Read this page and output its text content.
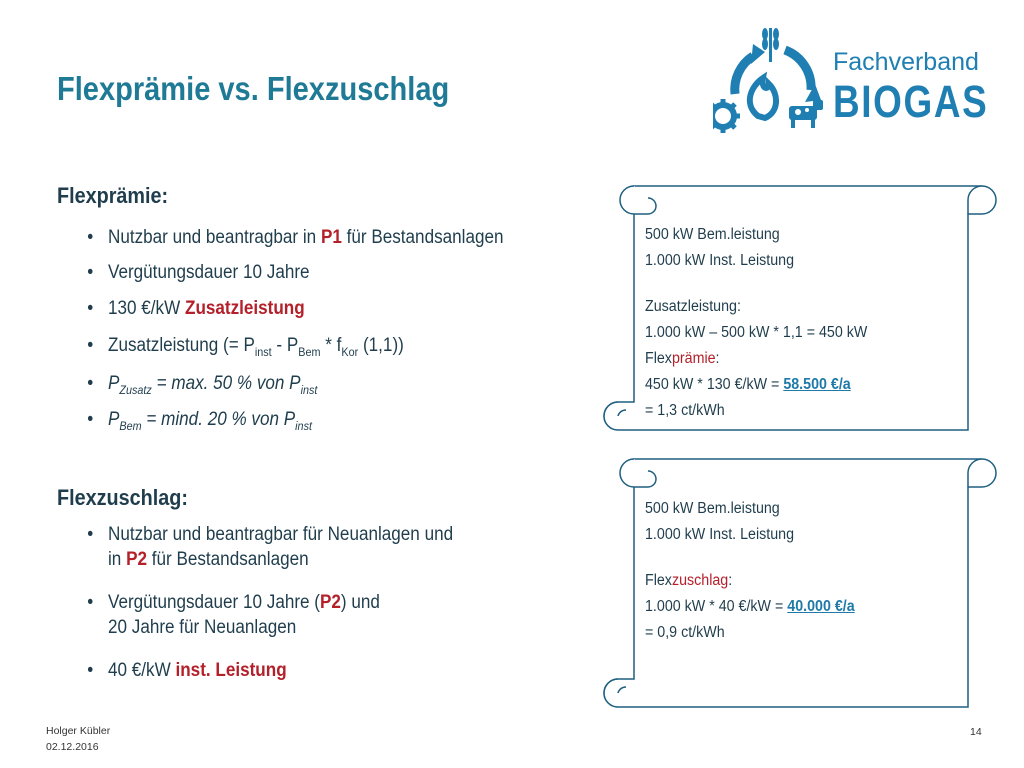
Flexprämie vs. Flexzuschlag
Fachverband
BIOGAS
Flexprämie:
• Nutzbar und beantragbar in P1 für Bestandsanlagen
• Vergütungsdauer 10 Jahre
• 130 €/kW Zusatzleistung
• Zusatzleistung (= $P_{inst} - P_{Bem} * f_{Kor}$ (1,1))
• $P_{Zusatz} = \max$. 50 % von $P_{inst}$
• $P_{Bem} = \min d$. 20 % von $P_{inst}$
Flexzuschlag:
• Nutzbar und beantragbar für Neuanlagen und
in P2 für Bestandsanlagen
• Vergütungsdauer 10 Jahre (P2) und
20 Jahre für Neuanlagen
• 40 €/kW inst. Leistung
500 kW Bem.leistung
1.000 kW Inst. Leistung
Zusatzleistung:
1.000 kW – 500 kW * 1,1 = 450 kW
Flexprämie:
450 kW * 130 €/kW = 58.500 €/a
= 1,3 ct/kWh
500 kW Bem.leistung
1.000 kW Inst. Leistung
Flexzuschlag:
1.000 kW * 40 €/kW = 40.000 €/a
= 0,9 ct/kWh
Holger Kübler
02.12.2016
14
